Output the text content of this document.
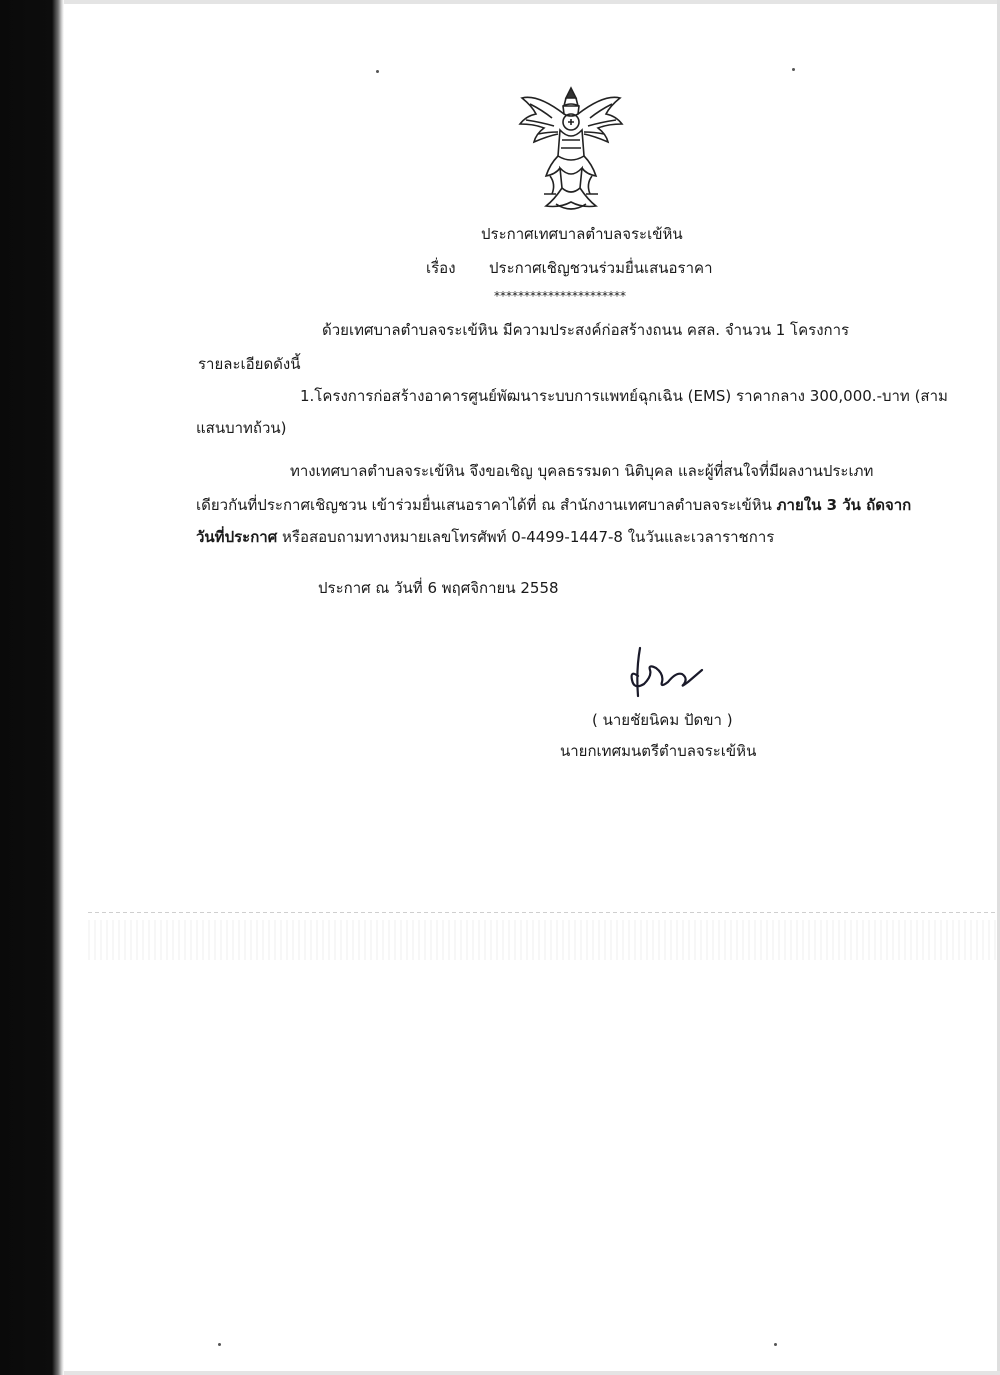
ประกาศเทศบาลตำบลจระเข้หิน
เรื่อง ประกาศเชิญชวนร่วมยื่นเสนอราคา
**********************
ด้วยเทศบาลตำบลจระเข้หิน มีความประสงค์ก่อสร้างถนน คสล. จำนวน 1 โครงการ
รายละเอียดดังนี้
1.โครงการก่อสร้างอาคารศูนย์พัฒนาระบบการแพทย์ฉุกเฉิน (EMS) ราคากลาง 300,000.-บาท (สาม
แสนบาทถ้วน)
ทางเทศบาลตำบลจระเข้หิน จึงขอเชิญ บุคลธรรมดา นิติบุคล และผู้ที่สนใจที่มีผลงานประเภท
เดียวกันที่ประกาศเชิญชวน เข้าร่วมยื่นเสนอราคาได้ที่ ณ สำนักงานเทศบาลตำบลจระเข้หิน ภายใน 3 วัน ถัดจาก
วันที่ประกาศ หรือสอบถามทางหมายเลขโทรศัพท์ 0-4499-1447-8 ในวันและเวลาราชการ
ประกาศ ณ วันที่ 6 พฤศจิกายน 2558
( นายชัยนิคม ปัดขา )
นายกเทศมนตรีตำบลจระเข้หิน
